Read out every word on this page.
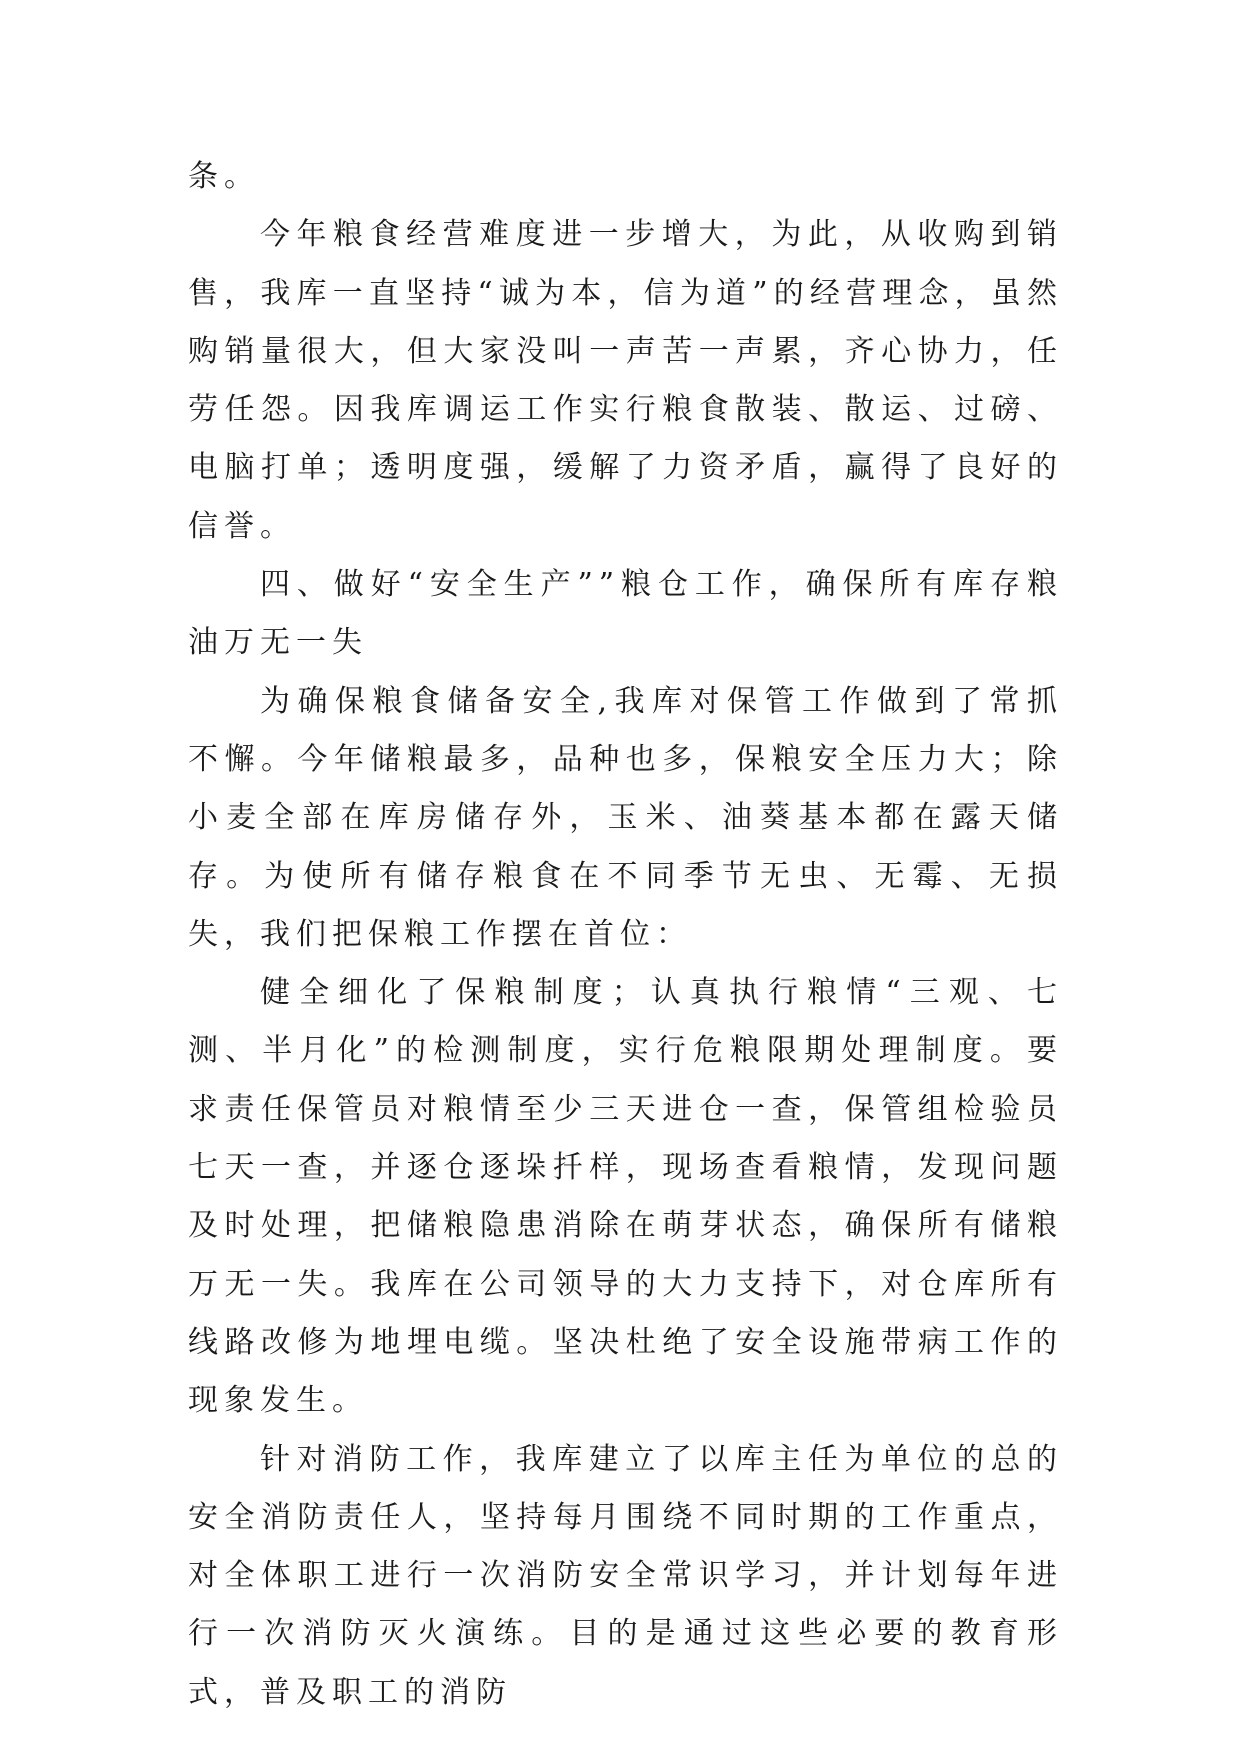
条。

今年粮食经营难度进一步增大，为此，从收购到销售，我库一直坚持“诚为本，信为道”的经营理念，虽然购销量很大，但大家没叫一声苦一声累，齐心协力，任劳任怨。因我库调运工作实行粮食散装、散运、过磅、电脑打单；透明度强，缓解了力资矛盾，赢得了良好的信誉。

四、做好“安全生产””粮仓工作，确保所有库存粮油万无一失

为确保粮食储备安全,我库对保管工作做到了常抓不懈。今年储粮最多，品种也多，保粮安全压力大；除小麦全部在库房储存外，玉米、油葵基本都在露天储存。为使所有储存粮食在不同季节无虫、无霉、无损失，我们把保粮工作摆在首位：

健全细化了保粮制度；认真执行粮情“三观、七测、半月化”的检测制度，实行危粮限期处理制度。要求责任保管员对粮情至少三天进仓一查，保管组检验员七天一查，并逐仓逐垛扦样，现场查看粮情，发现问题及时处理，把储粮隐患消除在萌芽状态，确保所有储粮万无一失。我库在公司领导的大力支持下，对仓库所有线路改修为地埋电缆。坚决杜绝了安全设施带病工作的现象发生。

针对消防工作，我库建立了以库主任为单位的总的安全消防责任人，坚持每月围绕不同时期的工作重点，对全体职工进行一次消防安全常识学习，并计划每年进行一次消防灭火演练。目的是通过这些必要的教育形式，普及职工的消防
